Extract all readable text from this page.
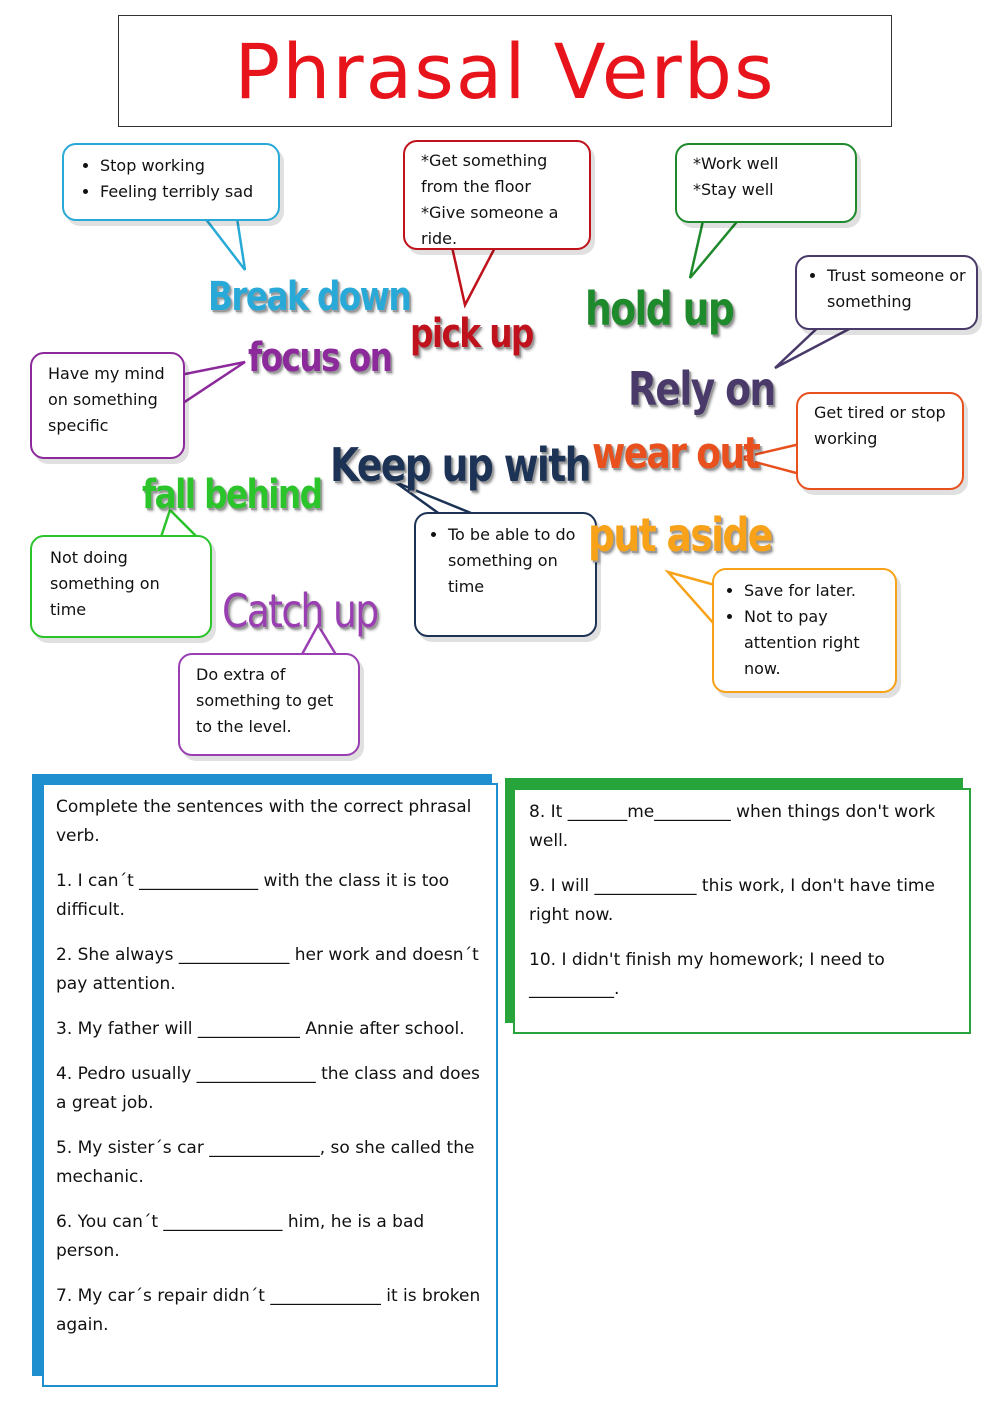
Phrasal Verbs
• Stop working
• Feeling terribly sad
*Get something from the floor *Give someone a ride.
*Work well
*Stay well
• Trust someone or something
Have my mind on something specific
Get tired or stop working
• To be able to do something on time
Not doing something on time
• Save for later.
• Not to pay attention right now.
Do extra of something to get to the level.
Break down
pick up hold up
focus on
Rely on
Keep up with wear out
fall behind
put aside
Catch up

Complete the sentences with the correct phrasal verb.

1. I can´t ______________ with the class it is too difficult.

2. She always _____________ her work and doesn´t pay attention.

3. My father will ____________ Annie after school.

4. Pedro usually ______________ the class and does a great job.

5. My sister´s car _____________, so she called the mechanic.

6. You can´t ______________ him, he is a bad person.

7. My car´s repair didn´t _____________ it is broken again.

8. It _______me_________ when things don't work well.

9. I will ____________ this work, I don't have time right now.

10. I didn't finish my homework; I need to __________.
